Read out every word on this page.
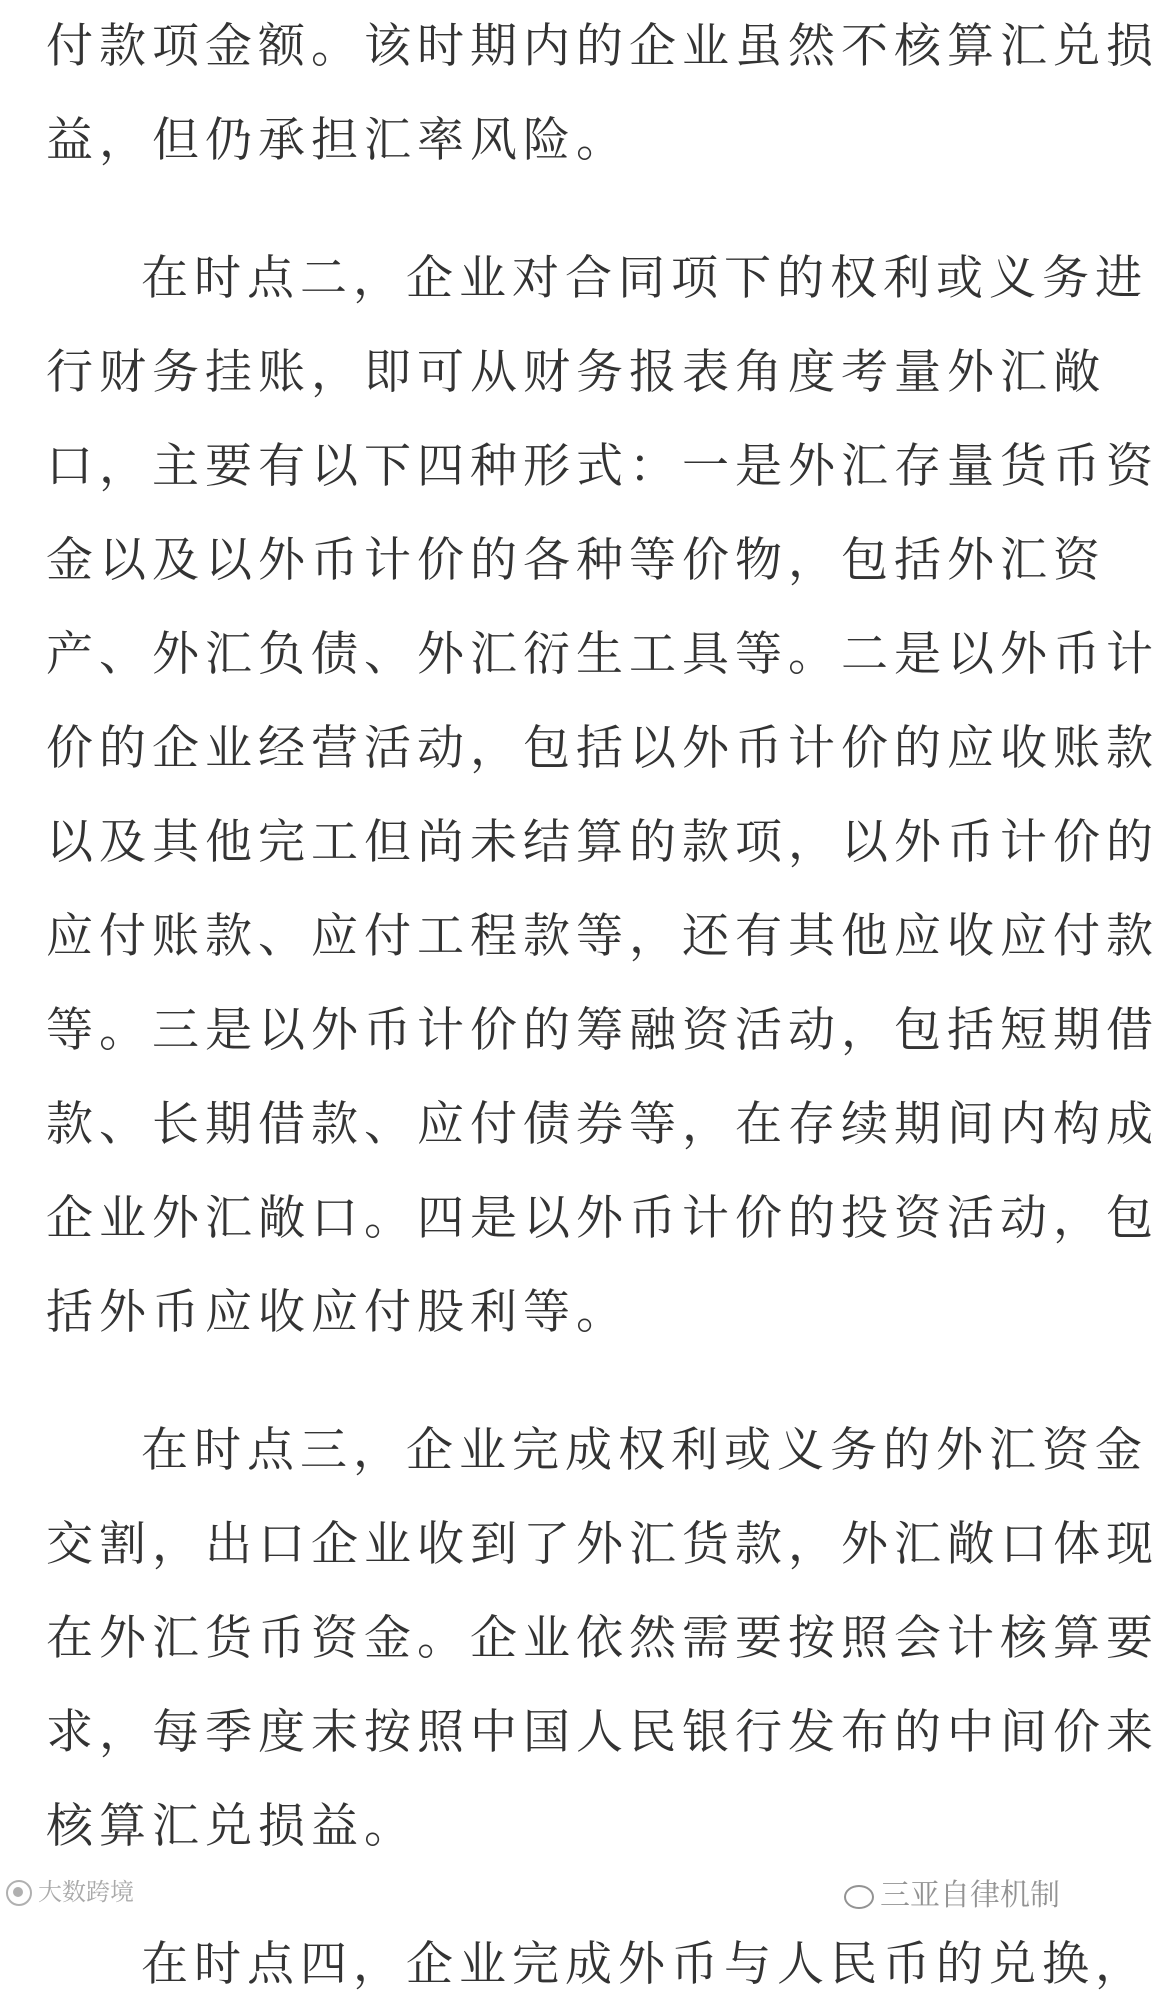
付款项金额。该时期内的企业虽然不核算汇兑损
益，但仍承担汇率风险。
在时点二，企业对合同项下的权利或义务进
行财务挂账，即可从财务报表角度考量外汇敞
口，主要有以下四种形式：一是外汇存量货币资
金以及以外币计价的各种等价物，包括外汇资
产、外汇负债、外汇衍生工具等。二是以外币计
价的企业经营活动，包括以外币计价的应收账款
以及其他完工但尚未结算的款项，以外币计价的
应付账款、应付工程款等，还有其他应收应付款
等。三是以外币计价的筹融资活动，包括短期借
款、长期借款、应付债券等，在存续期间内构成
企业外汇敞口。四是以外币计价的投资活动，包
括外币应收应付股利等。
在时点三，企业完成权利或义务的外汇资金
交割，出口企业收到了外汇货款，外汇敞口体现
在外汇货币资金。企业依然需要按照会计核算要
求，每季度末按照中国人民银行发布的中间价来
核算汇兑损益。
在时点四，企业完成外币与人民币的兑换，
大数跨境	三亚自律机制
